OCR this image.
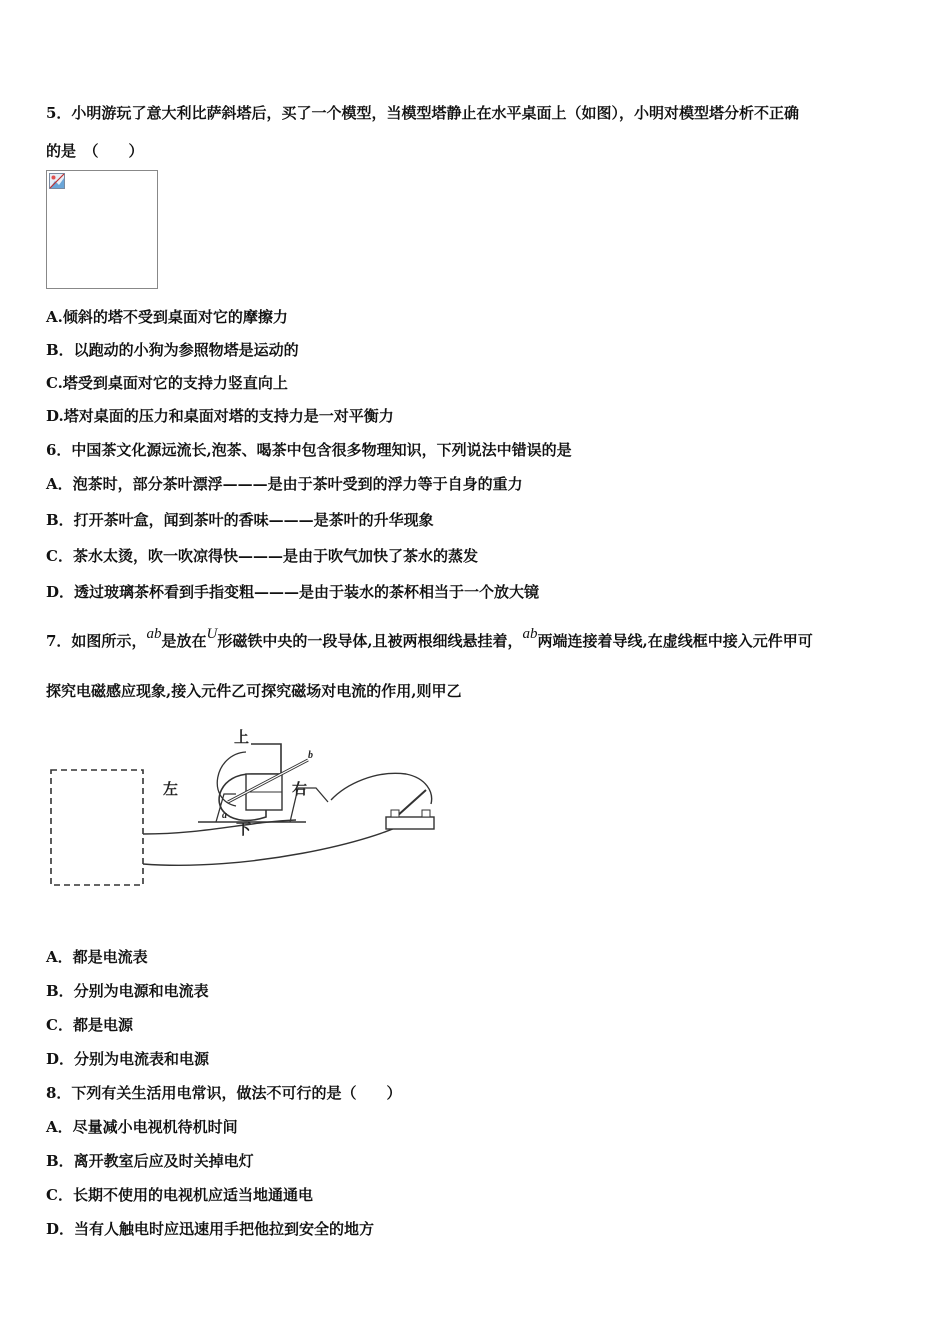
5．小明游玩了意大利比萨斜塔后，买了一个模型，当模型塔静止在水平桌面上（如图），小明对模型塔分析不正确
的是　（　　）
A.倾斜的塔不受到桌面对它的摩擦力
B．以跑动的小狗为参照物塔是运动的
C.塔受到桌面对它的支持力竖直向上
D.塔对桌面的压力和桌面对塔的支持力是一对平衡力
6．中国茶文化源远流长,泡茶、喝茶中包含很多物理知识，下列说法中错误的是
A．泡茶时，部分茶叶漂浮———是由于茶叶受到的浮力等于自身的重力
B．打开茶叶盒，闻到茶叶的香味———是茶叶的升华现象
C．茶水太烫，吹一吹凉得快———是由于吹气加快了茶水的蒸发
D．透过玻璃茶杯看到手指变粗———是由于装水的茶杯相当于一个放大镜
7．如图所示，ab是放在U形磁铁中央的一段导体,且被两根细线悬挂着，ab两端连接着导线,在虚线框中接入元件甲可
探究电磁感应现象,接入元件乙可探究磁场对电流的作用,则甲乙
上
下
左	右
a
b
A．都是电流表
B．分别为电源和电流表
C．都是电源
D．分别为电流表和电源
8．下列有关生活用电常识，做法不可行的是（　　）
A．尽量减小电视机待机时间
B．离开教室后应及时关掉电灯
C．长期不使用的电视机应适当地通通电
D．当有人触电时应迅速用手把他拉到安全的地方
